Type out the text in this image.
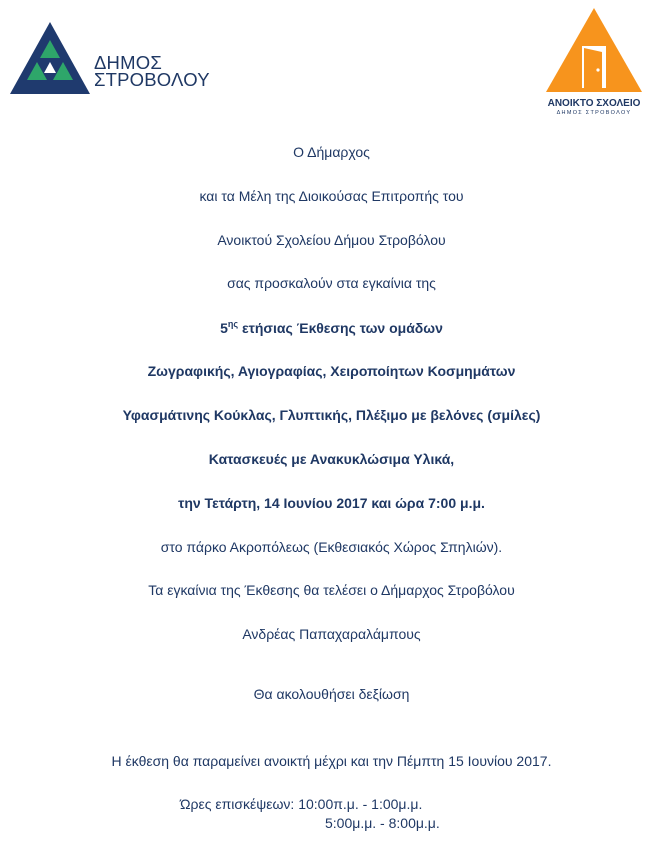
ΔΗΜΟΣ
ΣΤΡΟΒΟΛΟΥ
ΑΝΟΙΚΤΟ ΣΧΟΛΕΙΟ
ΔΗΜΟΣ ΣΤΡΟΒΟΛΟΥ
Ο Δήμαρχος
και τα Μέλη της Διοικούσας Επιτροπής του
Ανοικτού Σχολείου Δήμου Στροβόλου
σας προσκαλούν στα εγκαίνια της
$5^{\eta\varsigma}$ ετήσιας Έκθεσης των ομάδων
Ζωγραφικής, Αγιογραφίας, Χειροποίητων Κοσμημάτων
Υφασμάτινης Κούκλας, Γλυπτικής, Πλέξιμο με βελόνες (σμίλες)
Κατασκευές με Ανακυκλώσιμα Υλικά,
την Τετάρτη, 14 Ιουνίου 2017 και ώρα 7:00 μ.μ.
στο πάρκο Ακροπόλεως (Εκθεσιακός Χώρος Σπηλιών).
Τα εγκαίνια της Έκθεσης θα τελέσει ο Δήμαρχος Στροβόλου
Ανδρέας Παπαχαραλάμπους
Θα ακολουθήσει δεξίωση
Η έκθεση θα παραμείνει ανοικτή μέχρι και την Πέμπτη 15 Ιουνίου 2017.
Ώρες επισκέψεων: 10:00π.μ. - 1:00μ.μ.
5:00μ.μ. - 8:00μ.μ.
